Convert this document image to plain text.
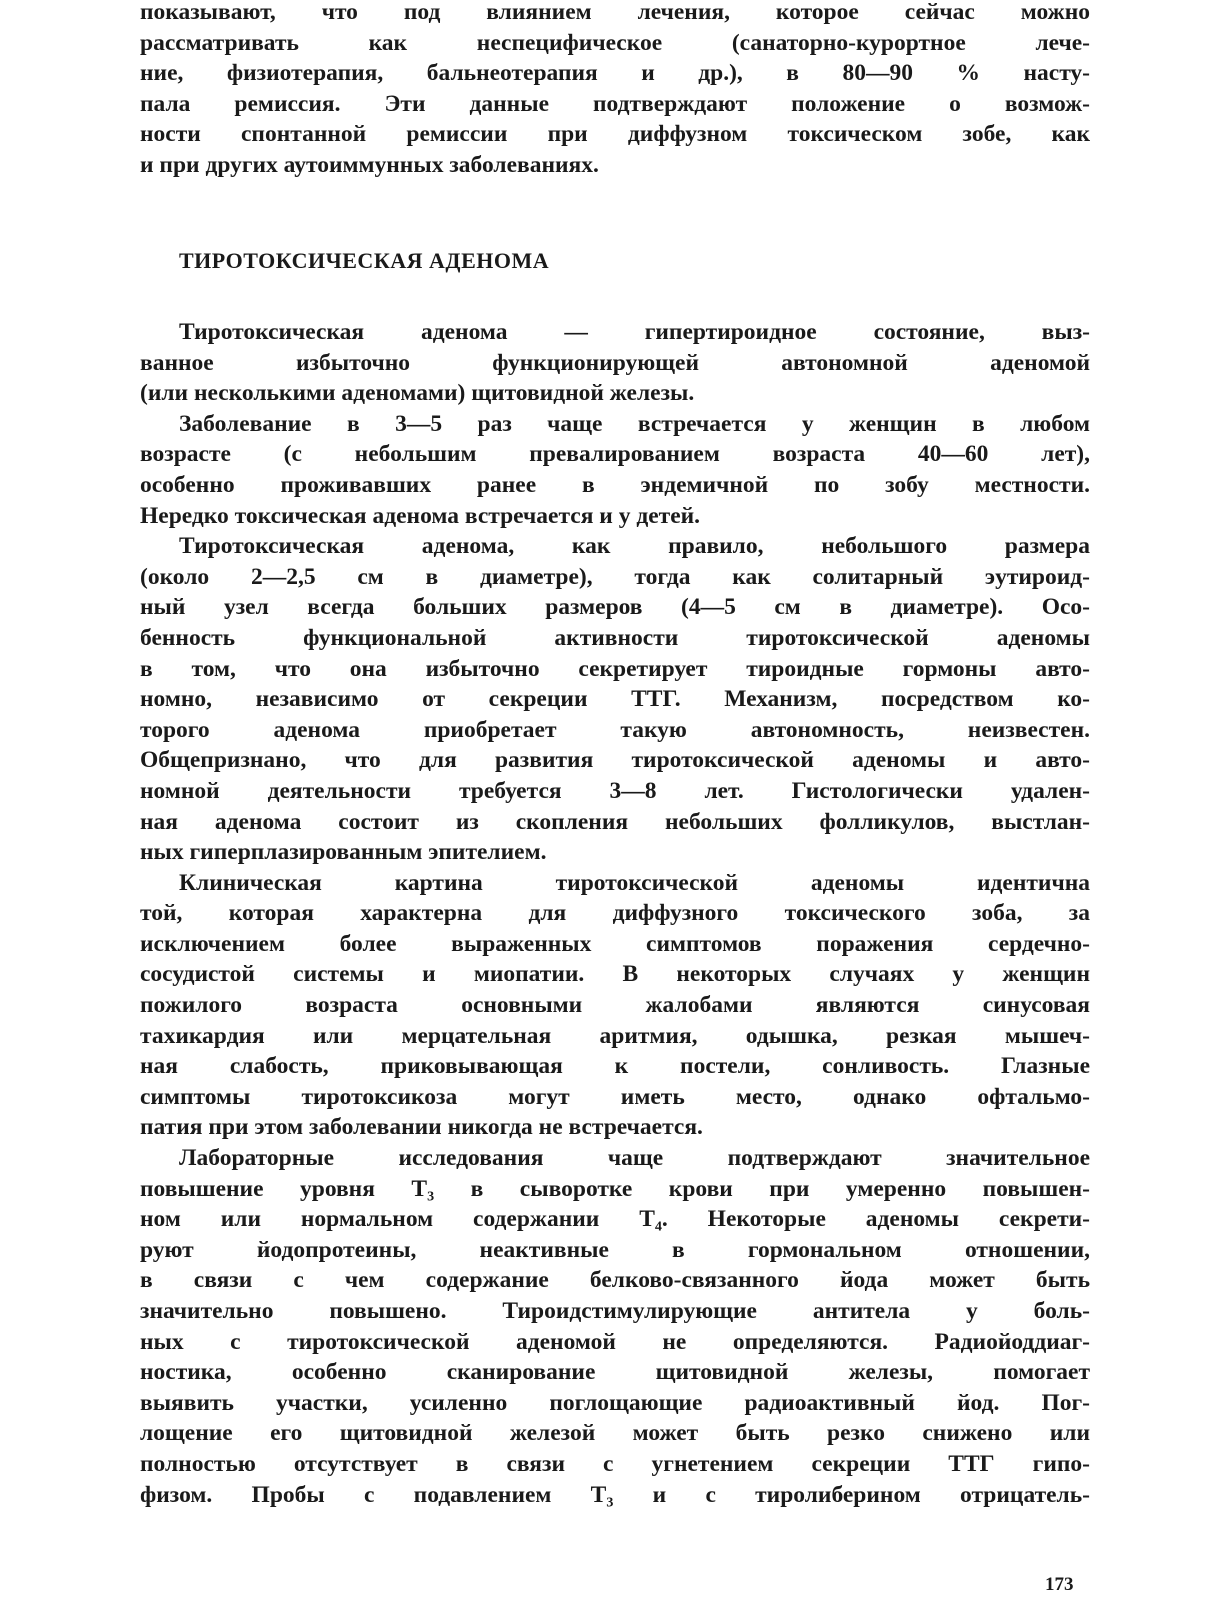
показывают, что под влиянием лечения, которое сейчас можно
рассматривать как неспецифическое (санаторно-курортное лече-
ние, физиотерапия, бальнеотерапия и др.), в 80—90 % насту-
пала ремиссия. Эти данные подтверждают положение о возмож-
ности спонтанной ремиссии при диффузном токсическом зобе, как
и при других аутоиммунных заболеваниях.
ТИРОТОКСИЧЕСКАЯ АДЕНОМА
Тиротоксическая аденома — гипертироидное состояние, выз-
ванное избыточно функционирующей автономной аденомой
(или несколькими аденомами) щитовидной железы.
Заболевание в 3—5 раз чаще встречается у женщин в любом
возрасте (с небольшим превалированием возраста 40—60 лет),
особенно проживавших ранее в эндемичной по зобу местности.
Нередко токсическая аденома встречается и у детей.
Тиротоксическая аденома, как правило, небольшого размера
(около 2—2,5 см в диаметре), тогда как солитарный эутироид-
ный узел всегда больших размеров (4—5 см в диаметре). Осо-
бенность функциональной активности тиротоксической аденомы
в том, что она избыточно секретирует тироидные гормоны авто-
номно, независимо от секреции ТТГ. Механизм, посредством ко-
торого аденома приобретает такую автономность, неизвестен.
Общепризнано, что для развития тиротоксической аденомы и авто-
номной деятельности требуется 3—8 лет. Гистологически удален-
ная аденома состоит из скопления небольших фолликулов, выстлан-
ных гиперплазированным эпителием.
Клиническая картина тиротоксической аденомы идентична
той, которая характерна для диффузного токсического зоба, за
исключением более выраженных симптомов поражения сердечно-
сосудистой системы и миопатии. В некоторых случаях у женщин
пожилого возраста основными жалобами являются синусовая
тахикардия или мерцательная аритмия, одышка, резкая мышеч-
ная слабость, приковывающая к постели, сонливость. Глазные
симптомы тиротоксикоза могут иметь место, однако офтальмо-
патия при этом заболевании никогда не встречается.
Лабораторные исследования чаще подтверждают значительное
повышение уровня T₃ в сыворотке крови при умеренно повышен-
ном или нормальном содержании T₄. Некоторые аденомы секрети-
руют йодопротеины, неактивные в гормональном отношении,
в связи с чем содержание белково-связанного йода может быть
значительно повышено. Тироидстимулирующие антитела у боль-
ных с тиротоксической аденомой не определяются. Радиойоддиаг-
ностика, особенно сканирование щитовидной железы, помогает
выявить участки, усиленно поглощающие радиоактивный йод. Пог-
лощение его щитовидной железой может быть резко снижено или
полностью отсутствует в связи с угнетением секреции ТТГ гипо-
физом. Пробы с подавлением T₃ и с тиролиберином отрицатель-
173
